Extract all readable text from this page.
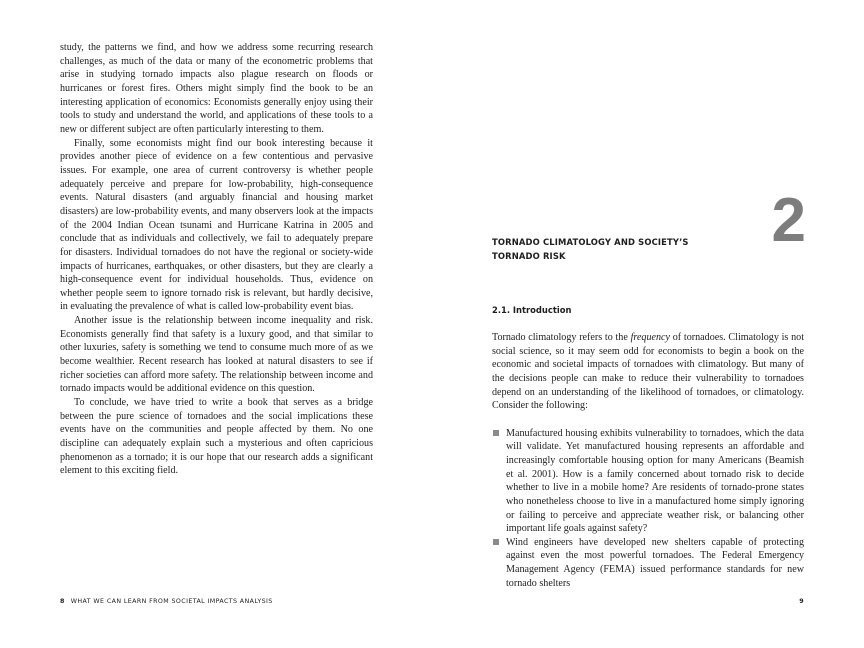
study, the patterns we find, and how we address some recurring research challenges, as much of the data or many of the econometric problems that arise in studying tornado impacts also plague research on floods or hurricanes or forest fires. Others might simply find the book to be an interesting application of economics: Economists generally enjoy using their tools to study and understand the world, and applications of these tools to a new or different subject are often particularly interesting to them.

Finally, some economists might find our book interesting because it provides another piece of evidence on a few contentious and pervasive issues. For example, one area of current controversy is whether people adequately perceive and prepare for low-probability, high-consequence events. Natural disasters (and arguably financial and housing market disasters) are low-probability events, and many observers look at the impacts of the 2004 Indian Ocean tsunami and Hurricane Katrina in 2005 and conclude that as individuals and collectively, we fail to adequately prepare for disasters. Individual tornadoes do not have the regional or society-wide impacts of hurricanes, earthquakes, or other disasters, but they are clearly a high-consequence event for individual households. Thus, evidence on whether people seem to ignore tornado risk is relevant, but hardly decisive, in evaluating the prevalence of what is called low-probability event bias.

Another issue is the relationship between income inequality and risk. Economists generally find that safety is a luxury good, and that similar to other luxuries, safety is something we tend to consume much more of as we become wealthier. Recent research has looked at natural disasters to see if richer societies can afford more safety. The relationship between income and tornado impacts would be additional evidence on this question.

To conclude, we have tried to write a book that serves as a bridge between the pure science of tornadoes and the social implications these events have on the communities and people affected by them. No one discipline can adequately explain such a mysterious and often capricious phenomenon as a tornado; it is our hope that our research adds a significant element to this exciting field.

8 WHAT WE CAN LEARN FROM SOCIETAL IMPACTS ANALYSIS
2
TORNADO CLIMATOLOGY AND SOCIETY’S
TORNADO RISK
2.1. Introduction

Tornado climatology refers to the frequency of tornadoes. Climatology is not social science, so it may seem odd for economists to begin a book on the economic and societal impacts of tornadoes with climatology. But many of the decisions people can make to reduce their vulnerability to tornadoes depend on an understanding of the likelihood of tornadoes, or climatology. Consider the following:

Manufactured housing exhibits vulnerability to tornadoes, which the data will validate. Yet manufactured housing represents an affordable and increasingly comfortable housing option for many Americans (Beamish et al. 2001). How is a family concerned about tornado risk to decide whether to live in a mobile home? Are residents of tornado-prone states who nonetheless choose to live in a manufactured home simply ignoring or failing to perceive and appreciate weather risk, or balancing other important life goals against safety?
Wind engineers have developed new shelters capable of protecting against even the most powerful tornadoes. The Federal Emergency Management Agency (FEMA) issued performance standards for new tornado shelters
9
